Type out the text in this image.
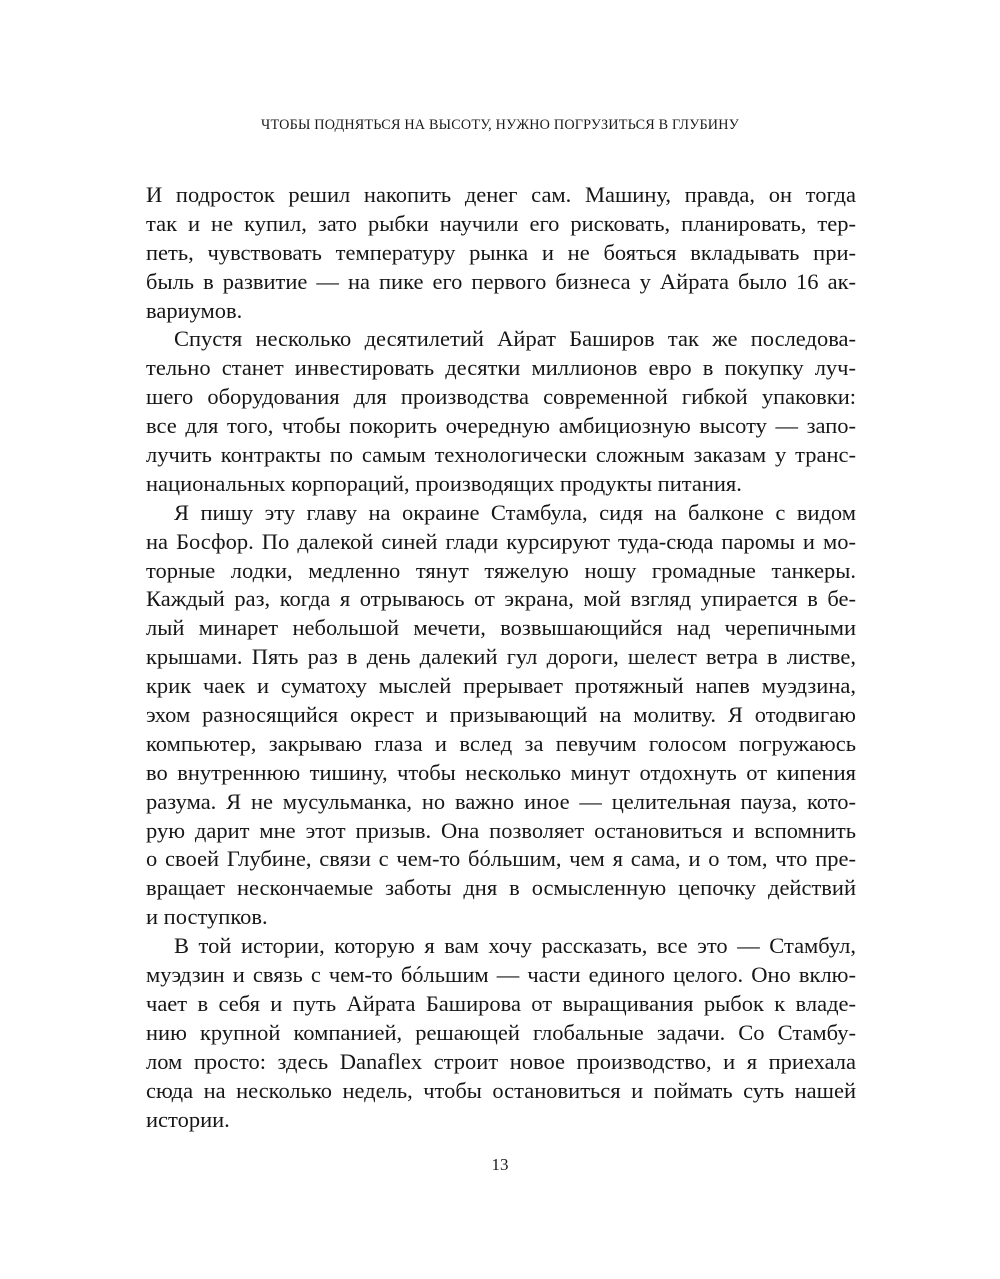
ЧТОБЫ ПОДНЯТЬСЯ НА ВЫСОТУ, НУЖНО ПОГРУЗИТЬСЯ В ГЛУБИНУ
И подросток решил накопить денег сам. Машину, правда, он тогда
так и не купил, зато рыбки научили его рисковать, планировать, тер-
петь, чувствовать температуру рынка и не бояться вкладывать при-
быль в развитие — на пике его первого бизнеса у Айрата было 16 ак-
вариумов.
Спустя несколько десятилетий Айрат Баширов так же последова-
тельно станет инвестировать десятки миллионов евро в покупку луч-
шего оборудования для производства современной гибкой упаковки:
все для того, чтобы покорить очередную амбициозную высоту — запо-
лучить контракты по самым технологически сложным заказам у транс-
национальных корпораций, производящих продукты питания.
Я пишу эту главу на окраине Стамбула, сидя на балконе с видом
на Босфор. По далекой синей глади курсируют туда-сюда паромы и мо-
торные лодки, медленно тянут тяжелую ношу громадные танкеры.
Каждый раз, когда я отрываюсь от экрана, мой взгляд упирается в бе-
лый минарет небольшой мечети, возвышающийся над черепичными
крышами. Пять раз в день далекий гул дороги, шелест ветра в листве,
крик чаек и суматоху мыслей прерывает протяжный напев муэдзина,
эхом разносящийся окрест и призывающий на молитву. Я отодвигаю
компьютер, закрываю глаза и вслед за певучим голосом погружаюсь
во внутреннюю тишину, чтобы несколько минут отдохнуть от кипения
разума. Я не мусульманка, но важно иное — целительная пауза, кото-
рую дарит мне этот призыв. Она позволяет остановиться и вспомнить
о своей Глубине, связи с чем-то бóльшим, чем я сама, и о том, что пре-
вращает нескончаемые заботы дня в осмысленную цепочку действий
и поступков.
В той истории, которую я вам хочу рассказать, все это — Стамбул,
муэдзин и связь с чем-то бóльшим — части единого целого. Оно вклю-
чает в себя и путь Айрата Баширова от выращивания рыбок к владе-
нию крупной компанией, решающей глобальные задачи. Со Стамбу-
лом просто: здесь Danaflex строит новое производство, и я приехала
сюда на несколько недель, чтобы остановиться и поймать суть нашей
истории.
13
